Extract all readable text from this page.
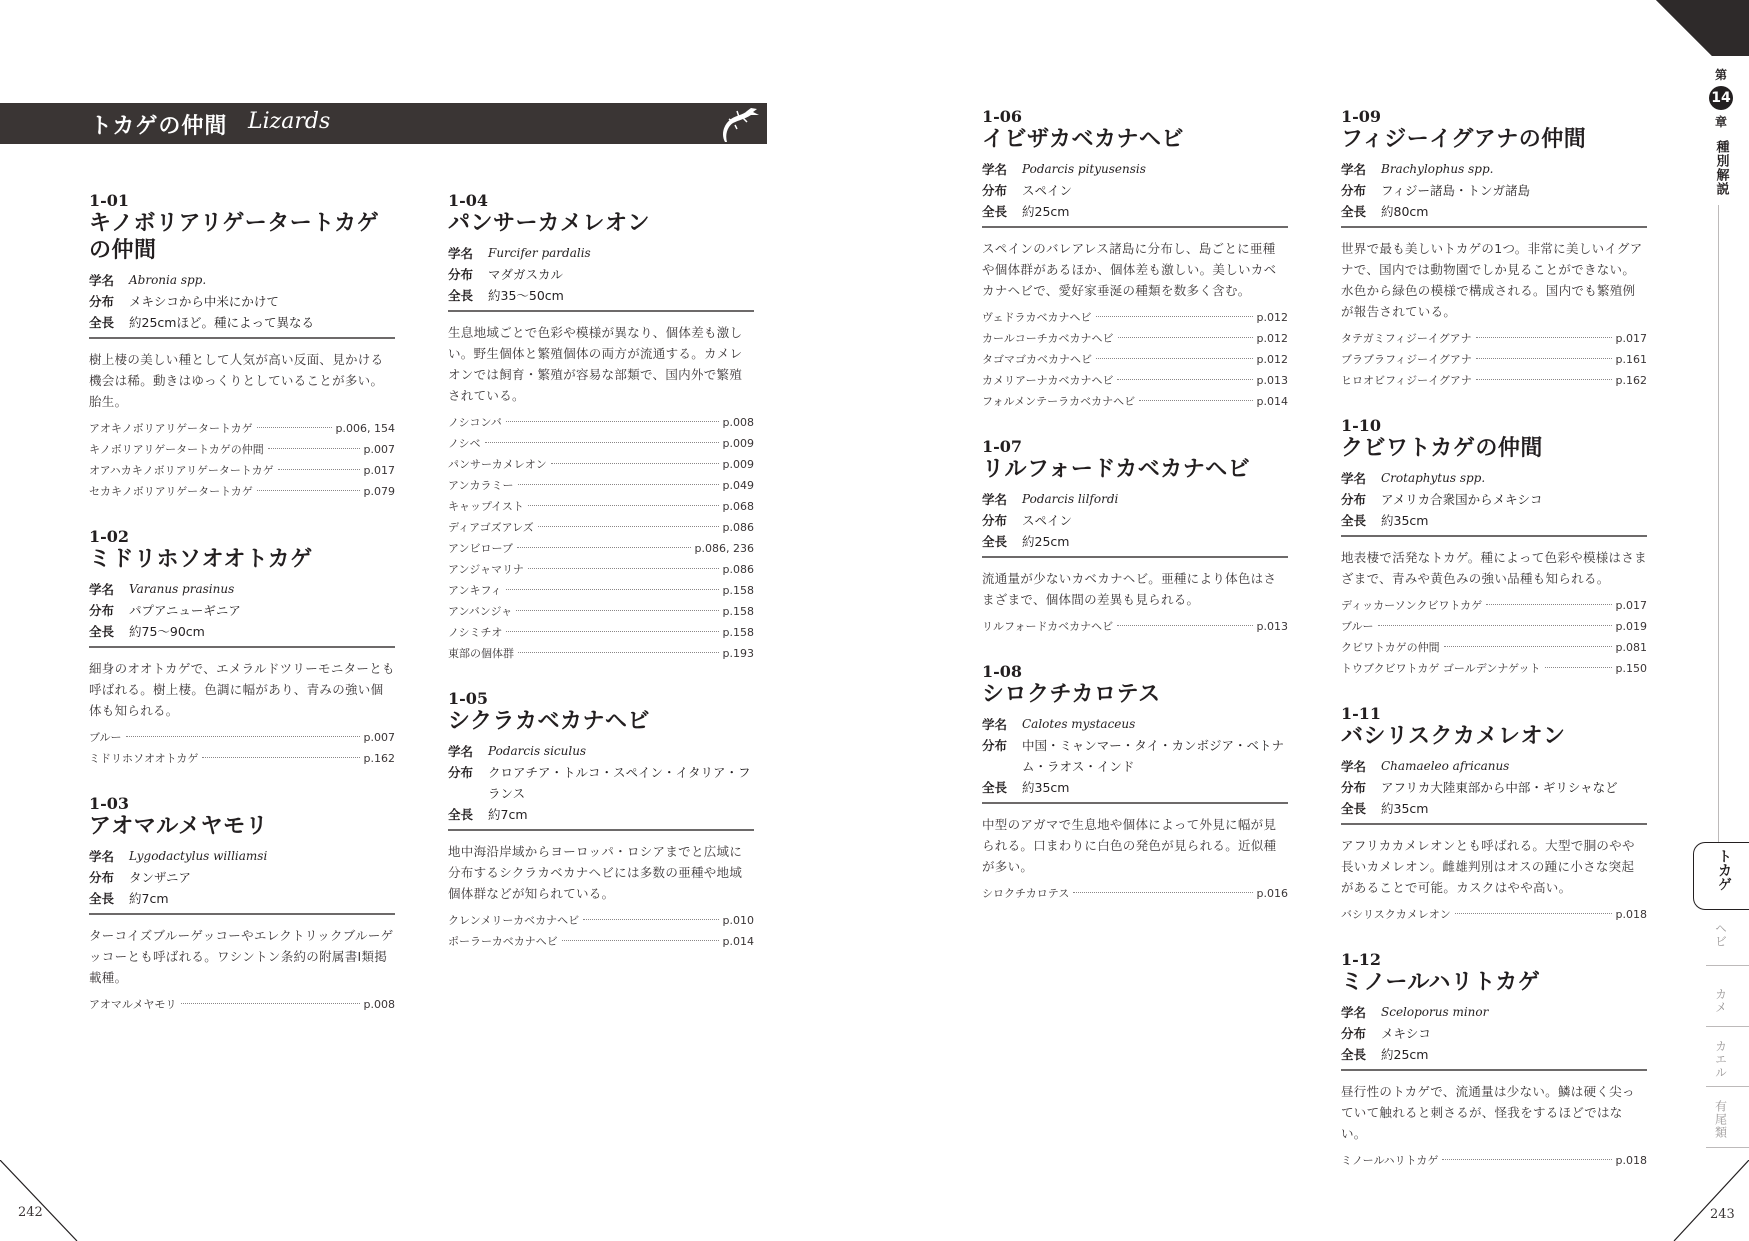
トカゲの仲間 Lizards
1-01
キノボリアリゲータートカゲの仲間
学名	Abronia spp.
分布	メキシコから中米にかけて
全長	約25cmほど。種によって異なる
樹上棲の美しい種として人気が高い反面、見かける機会は稀。動きはゆっくりとしていることが多い。胎生。
アオキノボリアリゲータートカゲ	p.006, 154
キノボリアリゲータートカゲの仲間	p.007
オアハカキノボリアリゲータートカゲ	p.017
セカキノボリアリゲータートカゲ	p.079
1-02
ミドリホソオオトカゲ
学名	Varanus prasinus
分布	パプアニューギニア
全長	約75〜90cm
細身のオオトカゲで、エメラルドツリーモニターとも呼ばれる。樹上棲。色調に幅があり、青みの強い個体も知られる。
ブルー	p.007
ミドリホソオオトカゲ	p.162
1-03
アオマルメヤモリ
学名	Lygodactylus williamsi
分布	タンザニア
全長	約7cm
ターコイズブルーゲッコーやエレクトリックブルーゲッコーとも呼ばれる。ワシントン条約の附属書I類掲載種。
アオマルメヤモリ	p.008
1-04
パンサーカメレオン
学名	Furcifer pardalis
分布	マダガスカル
全長	約35〜50cm
生息地域ごとで色彩や模様が異なり、個体差も激しい。野生個体と繁殖個体の両方が流通する。カメレオンでは飼育・繁殖が容易な部類で、国内外で繁殖されている。
ノシコンバ	p.008
ノシベ	p.009
パンサーカメレオン	p.009
アンカラミー	p.049
キャップイスト	p.068
ディアゴズアレズ	p.086
アンビローブ	p.086, 236
アンジャマリナ	p.086
アンキフィ	p.158
アンバンジャ	p.158
ノシミチオ	p.158
東部の個体群	p.193
1-05
シクラカベカナヘビ
学名	Podarcis siculus
分布	クロアチア・トルコ・スペイン・イタリア・フランス
全長	約7cm
地中海沿岸域からヨーロッパ・ロシアまでと広域に分布するシクラカベカナヘビには多数の亜種や地域個体群などが知られている。
クレンメリーカベカナヘビ	p.010
ポーラーカベカナヘビ	p.014
1-06
イビザカベカナヘビ
学名	Podarcis pityusensis
分布	スペイン
全長	約25cm
スペインのバレアレス諸島に分布し、島ごとに亜種や個体群があるほか、個体差も激しい。美しいカベカナヘビで、愛好家垂涎の種類を数多く含む。
ヴェドラカベカナヘビ	p.012
カールコーチカベカナヘビ	p.012
タゴマゴカベカナヘビ	p.012
カメリアーナカベカナヘビ	p.013
フォルメンテーラカベカナヘビ	p.014
1-07
リルフォードカベカナヘビ
学名	Podarcis lilfordi
分布	スペイン
全長	約25cm
流通量が少ないカベカナヘビ。亜種により体色はさまざまで、個体間の差異も見られる。
リルフォードカベカナヘビ	p.013
1-08
シロクチカロテス
学名	Calotes mystaceus
分布	中国・ミャンマー・タイ・カンボジア・ベトナム・ラオス・インド
全長	約35cm
中型のアガマで生息地や個体によって外見に幅が見られる。口まわりに白色の発色が見られる。近似種が多い。
シロクチカロテス	p.016
1-09
フィジーイグアナの仲間
学名	Brachylophus spp.
分布	フィジー諸島・トンガ諸島
全長	約80cm
世界で最も美しいトカゲの1つ。非常に美しいイグアナで、国内では動物園でしか見ることができない。水色から緑色の模様で構成される。国内でも繁殖例が報告されている。
タテガミフィジーイグアナ	p.017
ブラブラフィジーイグアナ	p.161
ヒロオビフィジーイグアナ	p.162
1-10
クビワトカゲの仲間
学名	Crotaphytus spp.
分布	アメリカ合衆国からメキシコ
全長	約35cm
地表棲で活発なトカゲ。種によって色彩や模様はさまざまで、青みや黄色みの強い品種も知られる。
ディッカーソンクビワトカゲ	p.017
ブルー	p.019
クビワトカゲの仲間	p.081
トウブクビワトカゲ ゴールデンナゲット	p.150
1-11
バシリスクカメレオン
学名	Chamaeleo africanus
分布	アフリカ大陸東部から中部・ギリシャなど
全長	約35cm
アフリカカメレオンとも呼ばれる。大型で胴のやや長いカメレオン。雌雄判別はオスの踵に小さな突起があることで可能。カスクはやや高い。
バシリスクカメレオン	p.018
1-12
ミノールハリトカゲ
学名	Sceloporus minor
分布	メキシコ
全長	約25cm
昼行性のトカゲで、流通量は少ない。鱗は硬く尖っていて触れると刺さるが、怪我をするほどではない。
ミノールハリトカゲ	p.018
第
14
章
種別解説
トカゲ
ヘビ
カメ
カエル
有尾類
242	243
